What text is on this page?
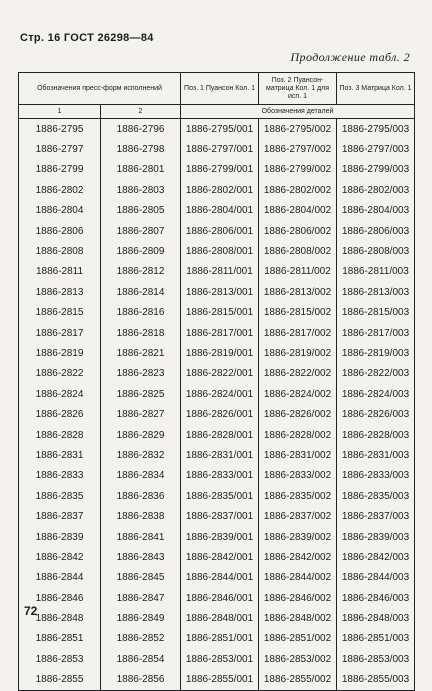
Стр. 16 ГОСТ 26298—84
Продолжение табл. 2
Обозначения пресс-форм исполнений		Поз. 1 Пуансон Кол. 1	Поз. 2 Пуансон-матрица Кол. 1 для исп. 1	Поз. 3 Матрица Кол. 1
1	2	Обозначения деталей		
1886-2795	1886-2796	1886-2795/001	1886-2795/002	1886-2795/003
1886-2797	1886-2798	1886-2797/001	1886-2797/002	1886-2797/003
1886-2799	1886-2801	1886-2799/001	1886-2799/002	1886-2799/003
1886-2802	1886-2803	1886-2802/001	1886-2802/002	1886-2802/003
1886-2804	1886-2805	1886-2804/001	1886-2804/002	1886-2804/003
1886-2806	1886-2807	1886-2806/001	1886-2806/002	1886-2806/003
1886-2808	1886-2809	1886-2808/001	1886-2808/002	1886-2808/003
1886-2811	1886-2812	1886-2811/001	1886-2811/002	1886-2811/003
1886-2813	1886-2814	1886-2813/001	1886-2813/002	1886-2813/003
1886-2815	1886-2816	1886-2815/001	1886-2815/002	1886-2815/003
1886-2817	1886-2818	1886-2817/001	1886-2817/002	1886-2817/003
1886-2819	1886-2821	1886-2819/001	1886-2819/002	1886-2819/003
1886-2822	1886-2823	1886-2822/001	1886-2822/002	1886-2822/003
1886-2824	1886-2825	1886-2824/001	1886-2824/002	1886-2824/003
1886-2826	1886-2827	1886-2826/001	1886-2826/002	1886-2826/003
1886-2828	1886-2829	1886-2828/001	1886-2828/002	1886-2828/003
1886-2831	1886-2832	1886-2831/001	1886-2831/002	1886-2831/003
1886-2833	1886-2834	1886-2833/001	1886-2833/002	1886-2833/003
1886-2835	1886-2836	1886-2835/001	1886-2835/002	1886-2835/003
1886-2837	1886-2838	1886-2837/001	1886-2837/002	1886-2837/003
1886-2839	1886-2841	1886-2839/001	1886-2839/002	1886-2839/003
1886-2842	1886-2843	1886-2842/001	1886-2842/002	1886-2842/003
1886-2844	1886-2845	1886-2844/001	1886-2844/002	1886-2844/003
1886-2846	1886-2847	1886-2846/001	1886-2846/002	1886-2846/003
1886-2848	1886-2849	1886-2848/001	1886-2848/002	1886-2848/003
1886-2851	1886-2852	1886-2851/001	1886-2851/002	1886-2851/003
1886-2853	1886-2854	1886-2853/001	1886-2853/002	1886-2853/003
1886-2855	1886-2856	1886-2855/001	1886-2855/002	1886-2855/003
72
